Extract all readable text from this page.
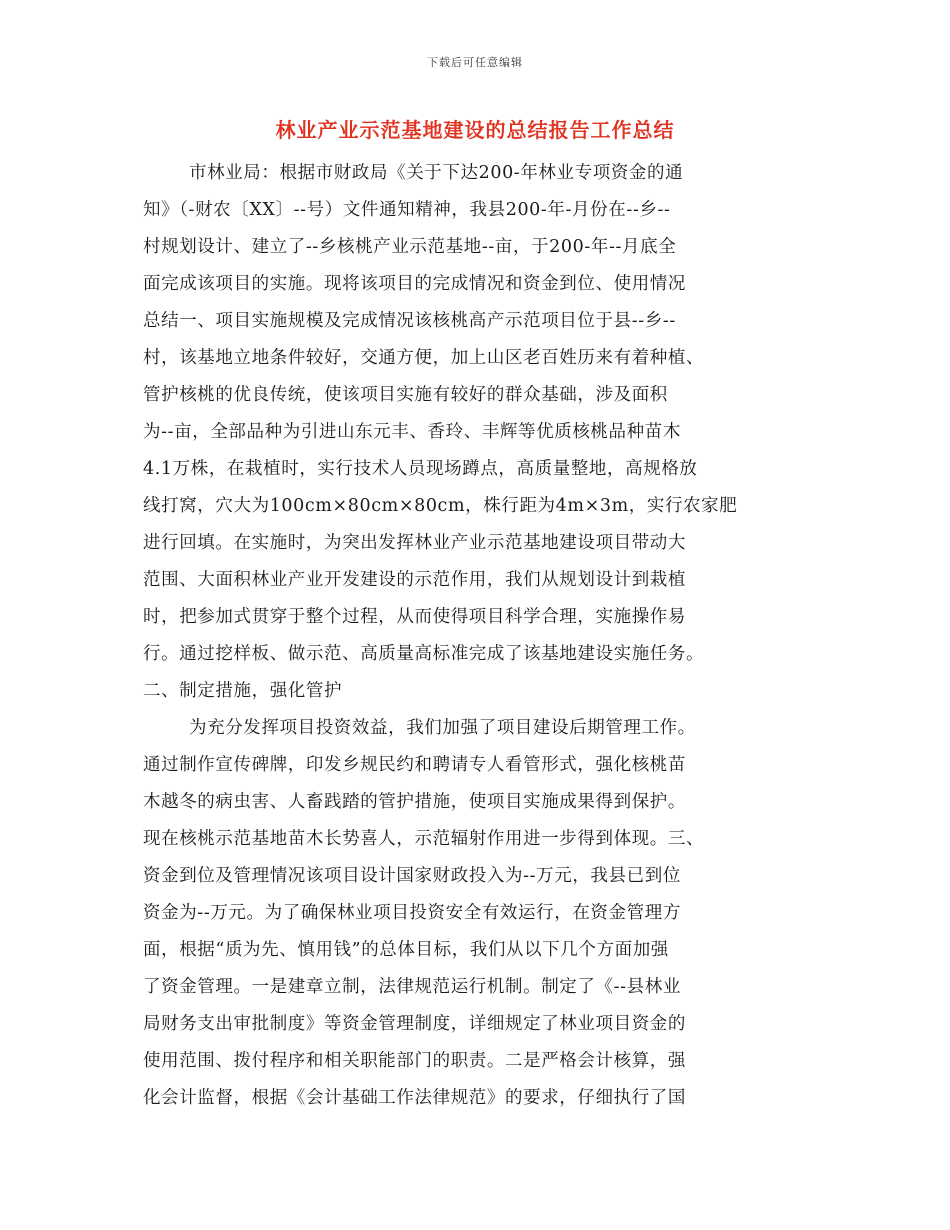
下载后可任意编辑
林业产业示范基地建设的总结报告工作总结
市林业局：根据市财政局《关于下达200-年林业专项资金的通
知》（-财农〔XX〕--号）文件通知精神，我县200-年-月份在--乡--
村规划设计、建立了--乡核桃产业示范基地--亩，于200-年--月底全
面完成该项目的实施。现将该项目的完成情况和资金到位、使用情况
总结一、项目实施规模及完成情况该核桃高产示范项目位于县--乡--
村，该基地立地条件较好，交通方便，加上山区老百姓历来有着种植、
管护核桃的优良传统，使该项目实施有较好的群众基础，涉及面积
为--亩，全部品种为引进山东元丰、香玲、丰辉等优质核桃品种苗木
4.1万株，在栽植时，实行技术人员现场蹲点，高质量整地，高规格放
线打窝，穴大为100cm×80cm×80cm，株行距为4m×3m，实行农家肥
进行回填。在实施时，为突出发挥林业产业示范基地建设项目带动大
范围、大面积林业产业开发建设的示范作用，我们从规划设计到栽植
时，把参加式贯穿于整个过程，从而使得项目科学合理，实施操作易
行。通过挖样板、做示范、高质量高标准完成了该基地建设实施任务。
二、制定措施，强化管护
为充分发挥项目投资效益，我们加强了项目建设后期管理工作。
通过制作宣传碑牌，印发乡规民约和聘请专人看管形式，强化核桃苗
木越冬的病虫害、人畜践踏的管护措施，使项目实施成果得到保护。
现在核桃示范基地苗木长势喜人，示范辐射作用进一步得到体现。三、
资金到位及管理情况该项目设计国家财政投入为--万元，我县已到位
资金为--万元。为了确保林业项目投资安全有效运行，在资金管理方
面，根据“质为先、慎用钱”的总体目标，我们从以下几个方面加强
了资金管理。一是建章立制，法律规范运行机制。制定了《--县林业
局财务支出审批制度》等资金管理制度，详细规定了林业项目资金的
使用范围、拨付程序和相关职能部门的职责。二是严格会计核算，强
化会计监督，根据《会计基础工作法律规范》的要求，仔细执行了国
